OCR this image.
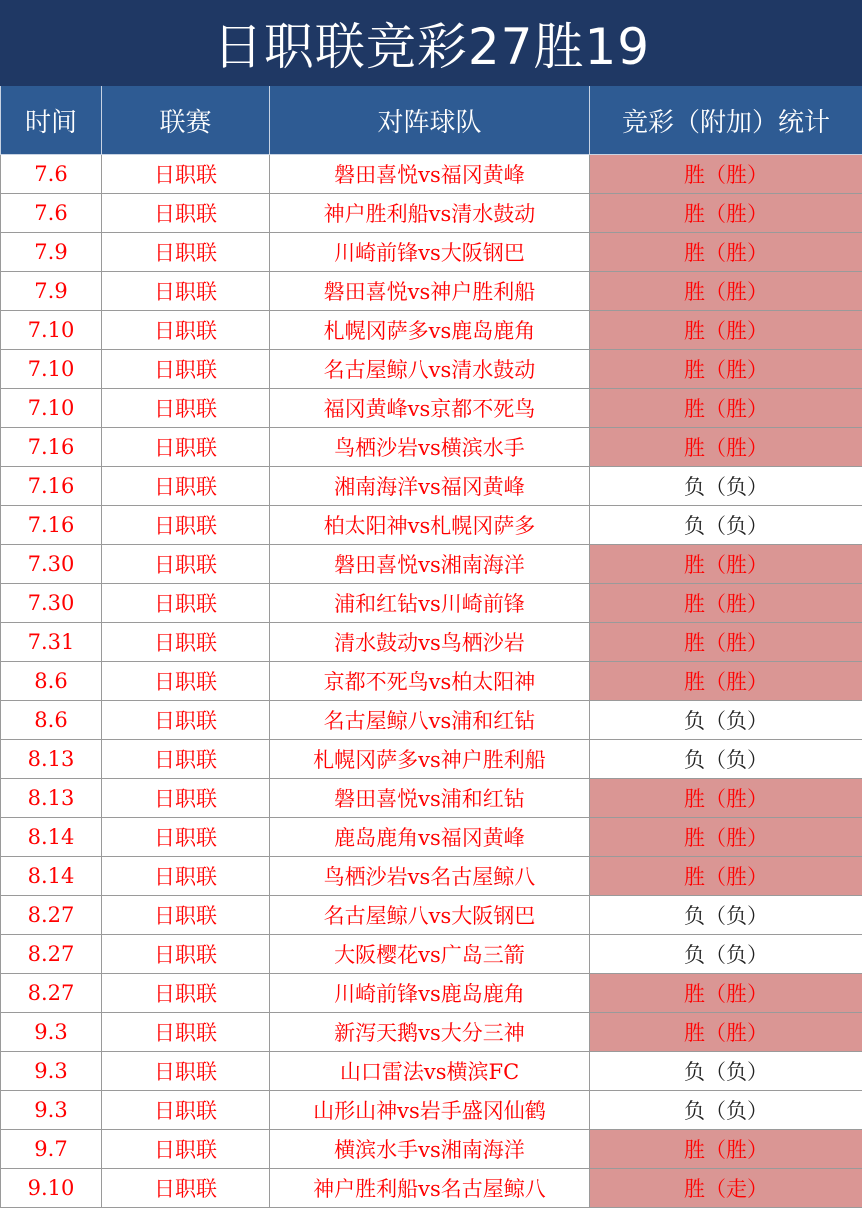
日职联竞彩27胜19			
时间	联赛	对阵球队	竞彩（附加）统计
7.6	日职联	磐田喜悦vs福冈黄峰	胜（胜）
7.6	日职联	神户胜利船vs清水鼓动	胜（胜）
7.9	日职联	川崎前锋vs大阪钢巴	胜（胜）
7.9	日职联	磐田喜悦vs神户胜利船	胜（胜）
7.10	日职联	札幌冈萨多vs鹿岛鹿角	胜（胜）
7.10	日职联	名古屋鲸八vs清水鼓动	胜（胜）
7.10	日职联	福冈黄峰vs京都不死鸟	胜（胜）
7.16	日职联	鸟栖沙岩vs横滨水手	胜（胜）
7.16	日职联	湘南海洋vs福冈黄峰	负（负）
7.16	日职联	柏太阳神vs札幌冈萨多	负（负）
7.30	日职联	磐田喜悦vs湘南海洋	胜（胜）
7.30	日职联	浦和红钻vs川崎前锋	胜（胜）
7.31	日职联	清水鼓动vs鸟栖沙岩	胜（胜）
8.6	日职联	京都不死鸟vs柏太阳神	胜（胜）
8.6	日职联	名古屋鲸八vs浦和红钻	负（负）
8.13	日职联	札幌冈萨多vs神户胜利船	负（负）
8.13	日职联	磐田喜悦vs浦和红钻	胜（胜）
8.14	日职联	鹿岛鹿角vs福冈黄峰	胜（胜）
8.14	日职联	鸟栖沙岩vs名古屋鲸八	胜（胜）
8.27	日职联	名古屋鲸八vs大阪钢巴	负（负）
8.27	日职联	大阪樱花vs广岛三箭	负（负）
8.27	日职联	川崎前锋vs鹿岛鹿角	胜（胜）
9.3	日职联	新泻天鹅vs大分三神	胜（胜）
9.3	日职联	山口雷法vs横滨FC	负（负）
9.3	日职联	山形山神vs岩手盛冈仙鹤	负（负）
9.7	日职联	横滨水手vs湘南海洋	胜（胜）
9.10	日职联	神户胜利船vs名古屋鲸八	胜（走）
